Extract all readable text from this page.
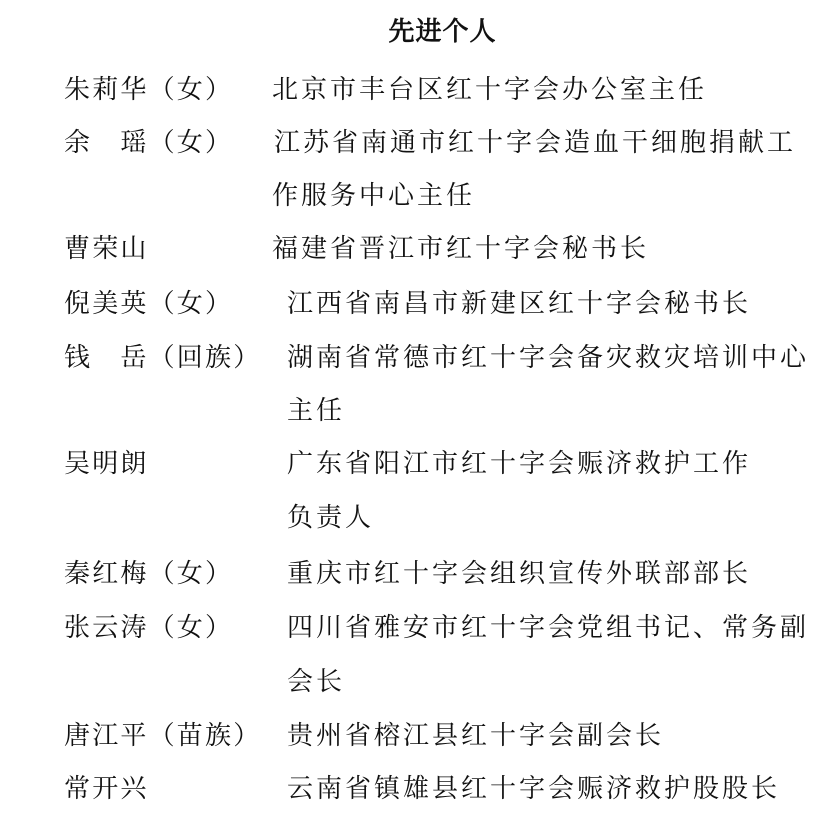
先进个人
朱莉华（女） 北京市丰台区红十字会办公室主任
余　瑶（女） 江苏省南通市红十字会造血干细胞捐献工
作服务中心主任
曹荣山	福建省晋江市红十字会秘书长
倪美英（女） 江西省南昌市新建区红十字会秘书长
钱　岳（回族） 湖南省常德市红十字会备灾救灾培训中心
主任
吴明朗	广东省阳江市红十字会赈济救护工作
负责人
秦红梅（女） 重庆市红十字会组织宣传外联部部长
张云涛（女） 四川省雅安市红十字会党组书记、常务副
会长
唐江平（苗族） 贵州省榕江县红十字会副会长
常开兴	云南省镇雄县红十字会赈济救护股股长
